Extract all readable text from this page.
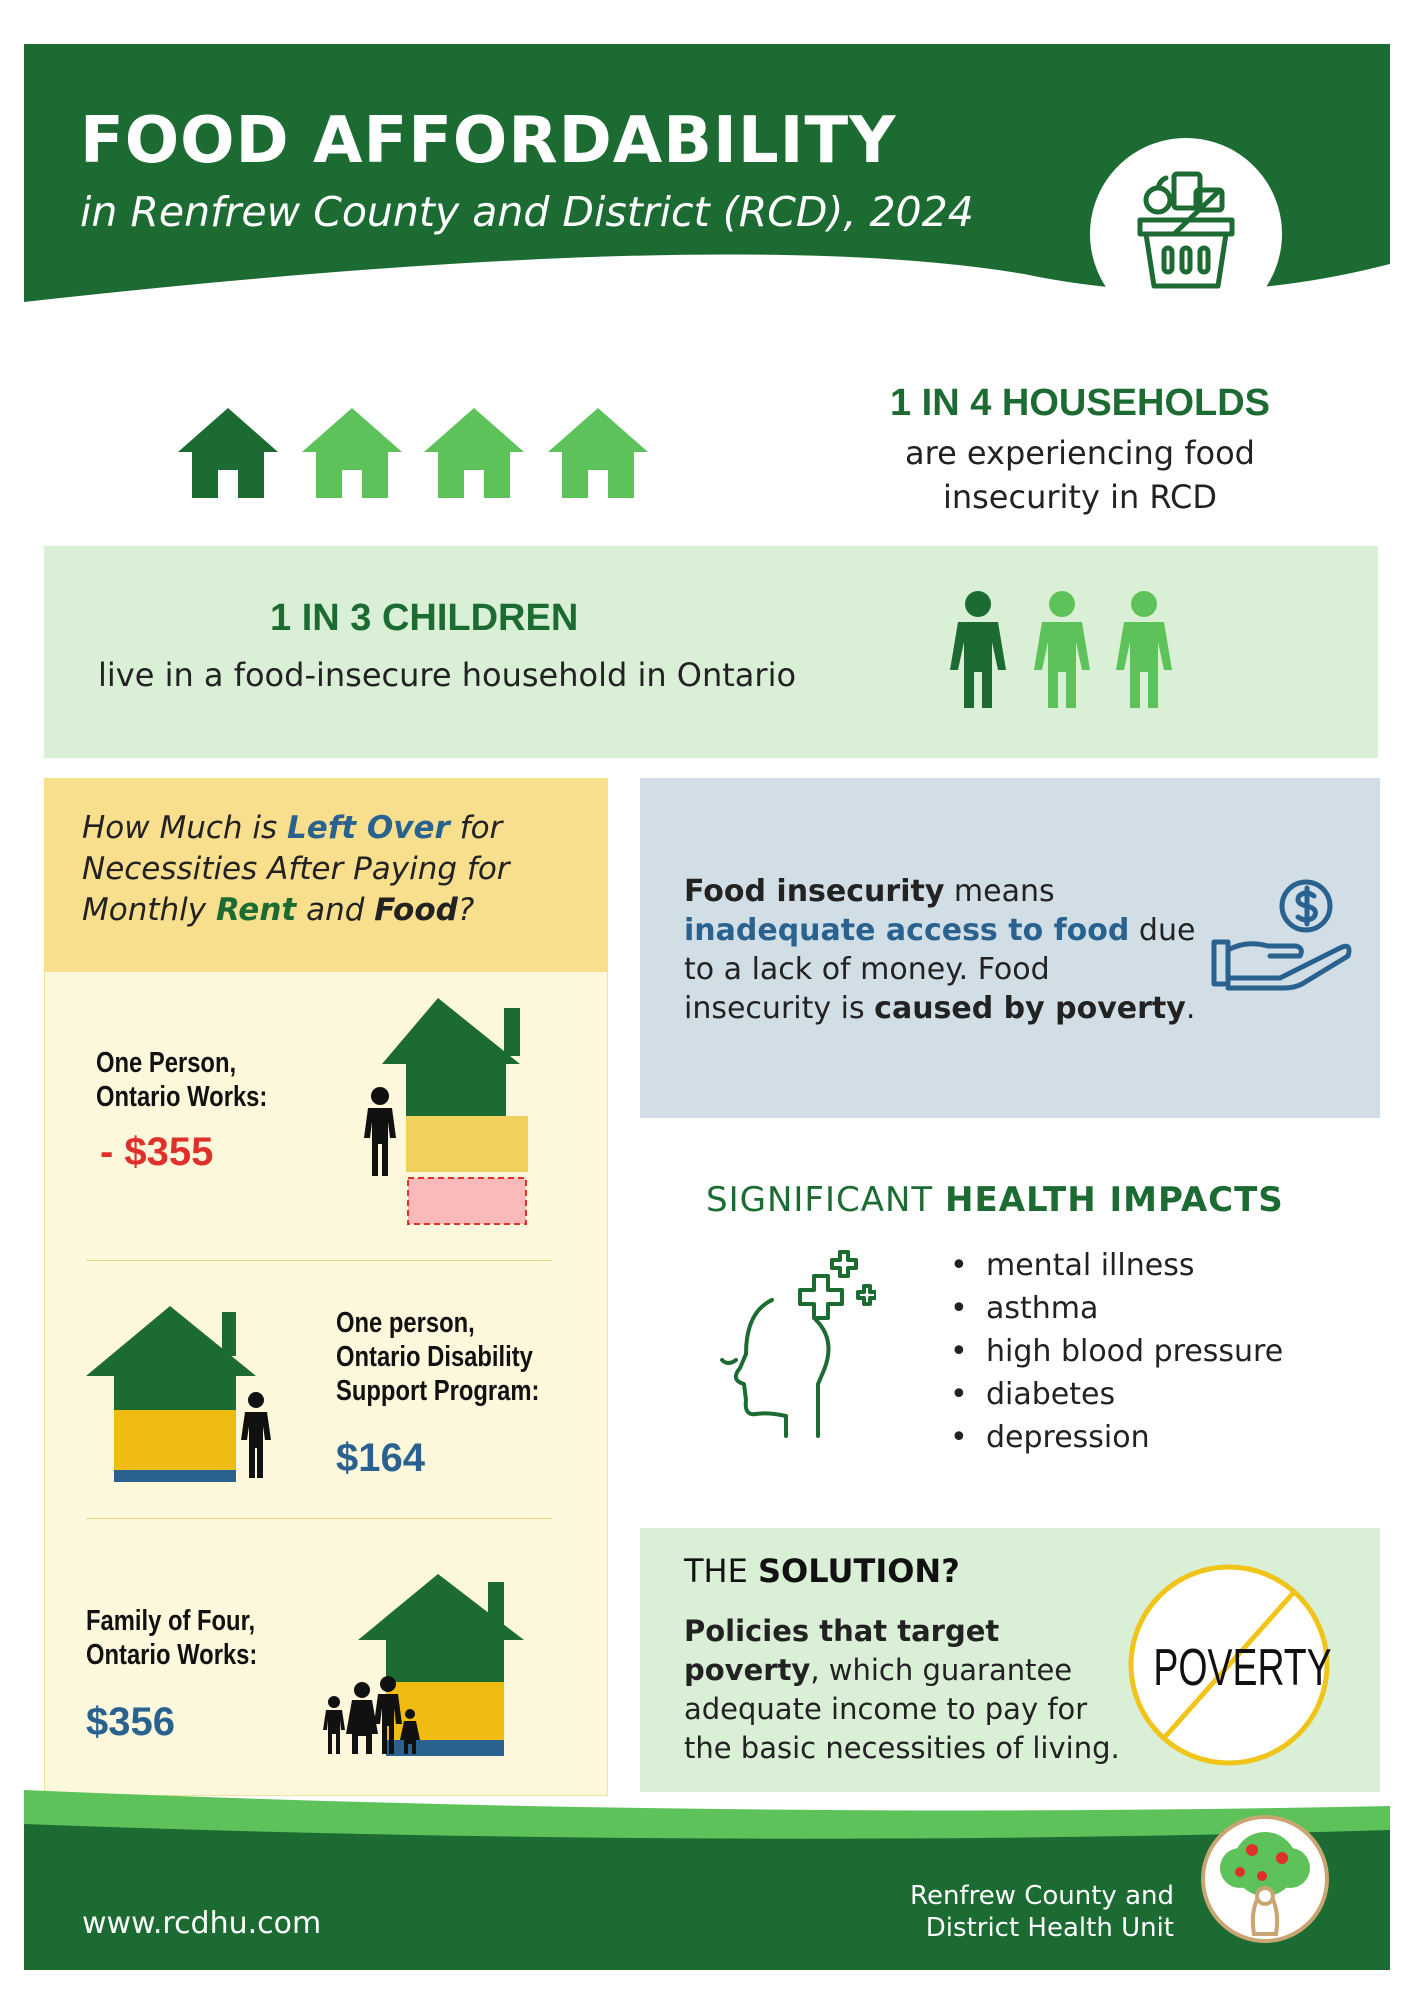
FOOD AFFORDABILITY
in Renfrew County and District (RCD), 2024
1 IN 4 HOUSEHOLDS
are experiencing food
insecurity in RCD
1 IN 3 CHILDREN
live in a food-insecure household in Ontario
How Much is Left Over for Necessities After Paying for Monthly Rent and Food?
One Person,
Ontario Works:
- $355
One person,
Ontario Disability
Support Program:
$164
Family of Four,
Ontario Works:
$356
Food insecurity means inadequate access to food due to a lack of money. Food insecurity is caused by poverty.
SIGNIFICANT HEALTH IMPACTS
• mental illness
• asthma
• high blood pressure
• diabetes
• depression
THE SOLUTION?
Policies that target poverty, which guarantee adequate income to pay for the basic necessities of living.
POVERTY
www.rcdhu.com
Renfrew County and
District Health Unit
